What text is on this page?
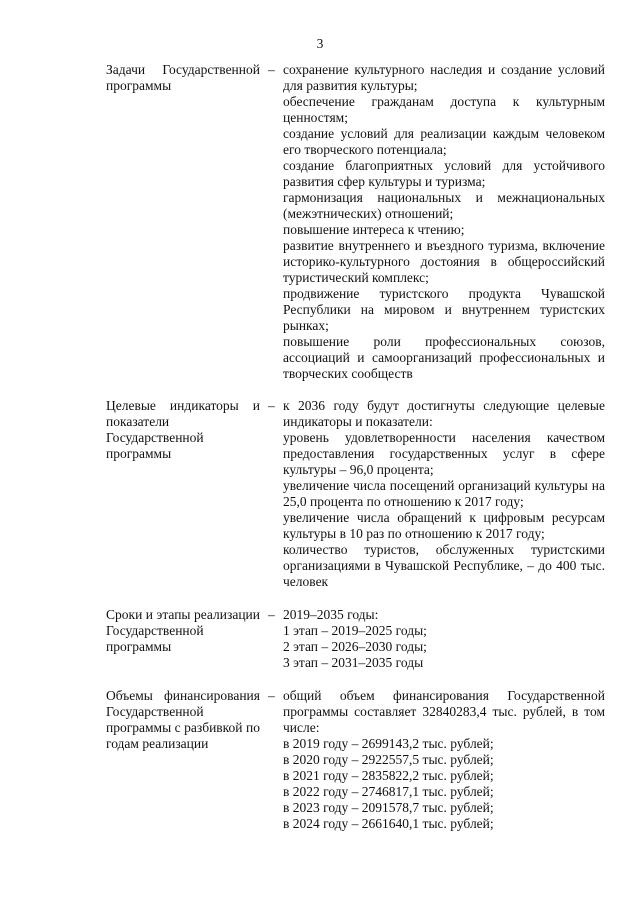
3
Задачи Государственной программы
– сохранение культурного наследия и создание условий для развития культуры;
обеспечение гражданам доступа к культурным ценностям;
создание условий для реализации каждым человеком его творческого потенциала;
создание благоприятных условий для устойчивого развития сфер культуры и туризма;
гармонизация национальных и межнациональных (межэтнических) отношений;
повышение интереса к чтению;
развитие внутреннего и въездного туризма, включение историко-культурного достояния в общероссийский туристический комплекс;
продвижение туристского продукта Чувашской Республики на мировом и внутреннем туристских рынках;
повышение роли профессиональных союзов, ассоциаций и самоорганизаций профессиональных и творческих сообществ
Целевые индикаторы и показатели Государственной программы
– к 2036 году будут достигнуты следующие целевые индикаторы и показатели:
уровень удовлетворенности населения качеством предоставления государственных услуг в сфере культуры – 96,0 процента;
увеличение числа посещений организаций культуры на 25,0 процента по отношению к 2017 году;
увеличение числа обращений к цифровым ресурсам культуры в 10 раз по отношению к 2017 году;
количество туристов, обслуженных туристскими организациями в Чувашской Республике, – до 400 тыс. человек
Сроки и этапы реализации Государственной программы
– 2019–2035 годы:
1 этап – 2019–2025 годы;
2 этап – 2026–2030 годы;
3 этап – 2031–2035 годы
Объемы финансирования Государственной программы с разбивкой по годам реализации
– общий объем финансирования Государственной программы составляет 32840283,4 тыс. рублей, в том числе:
в 2019 году – 2699143,2 тыс. рублей;
в 2020 году – 2922557,5 тыс. рублей;
в 2021 году – 2835822,2 тыс. рублей;
в 2022 году – 2746817,1 тыс. рублей;
в 2023 году – 2091578,7 тыс. рублей;
в 2024 году – 2661640,1 тыс. рублей;
